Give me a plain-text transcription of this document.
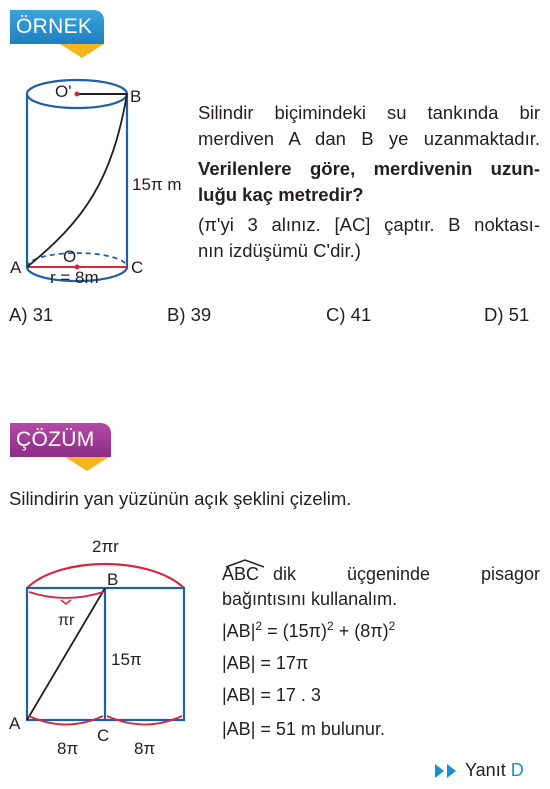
ÖRNEK
O'	B
15π m
A
O
C
r = 8m
Silindir biçimindeki su tankında bir
merdiven A dan B ye uzanmaktadır.
Verilenlere göre, merdivenin uzun-
luğu kaç metredir?
(π'yi 3 alınız. [AC] çaptır. B noktası-
nın izdüşümü C'dir.)
A) 31	B) 39	C) 41	D) 51
ÇÖZÜM
Silindirin yan yüzünün açık şeklini çizelim.
2πr
B
πr
15π
A
C
8π	8π
ABC dik üçgeninde pisagor
bağıntısını kullanalım.
$|AB|^2 = (15\pi)^2 + (8\pi)^2$
|AB| = 17π
|AB| = 17 . 3
|AB| = 51 m bulunur.
Yanıt D
